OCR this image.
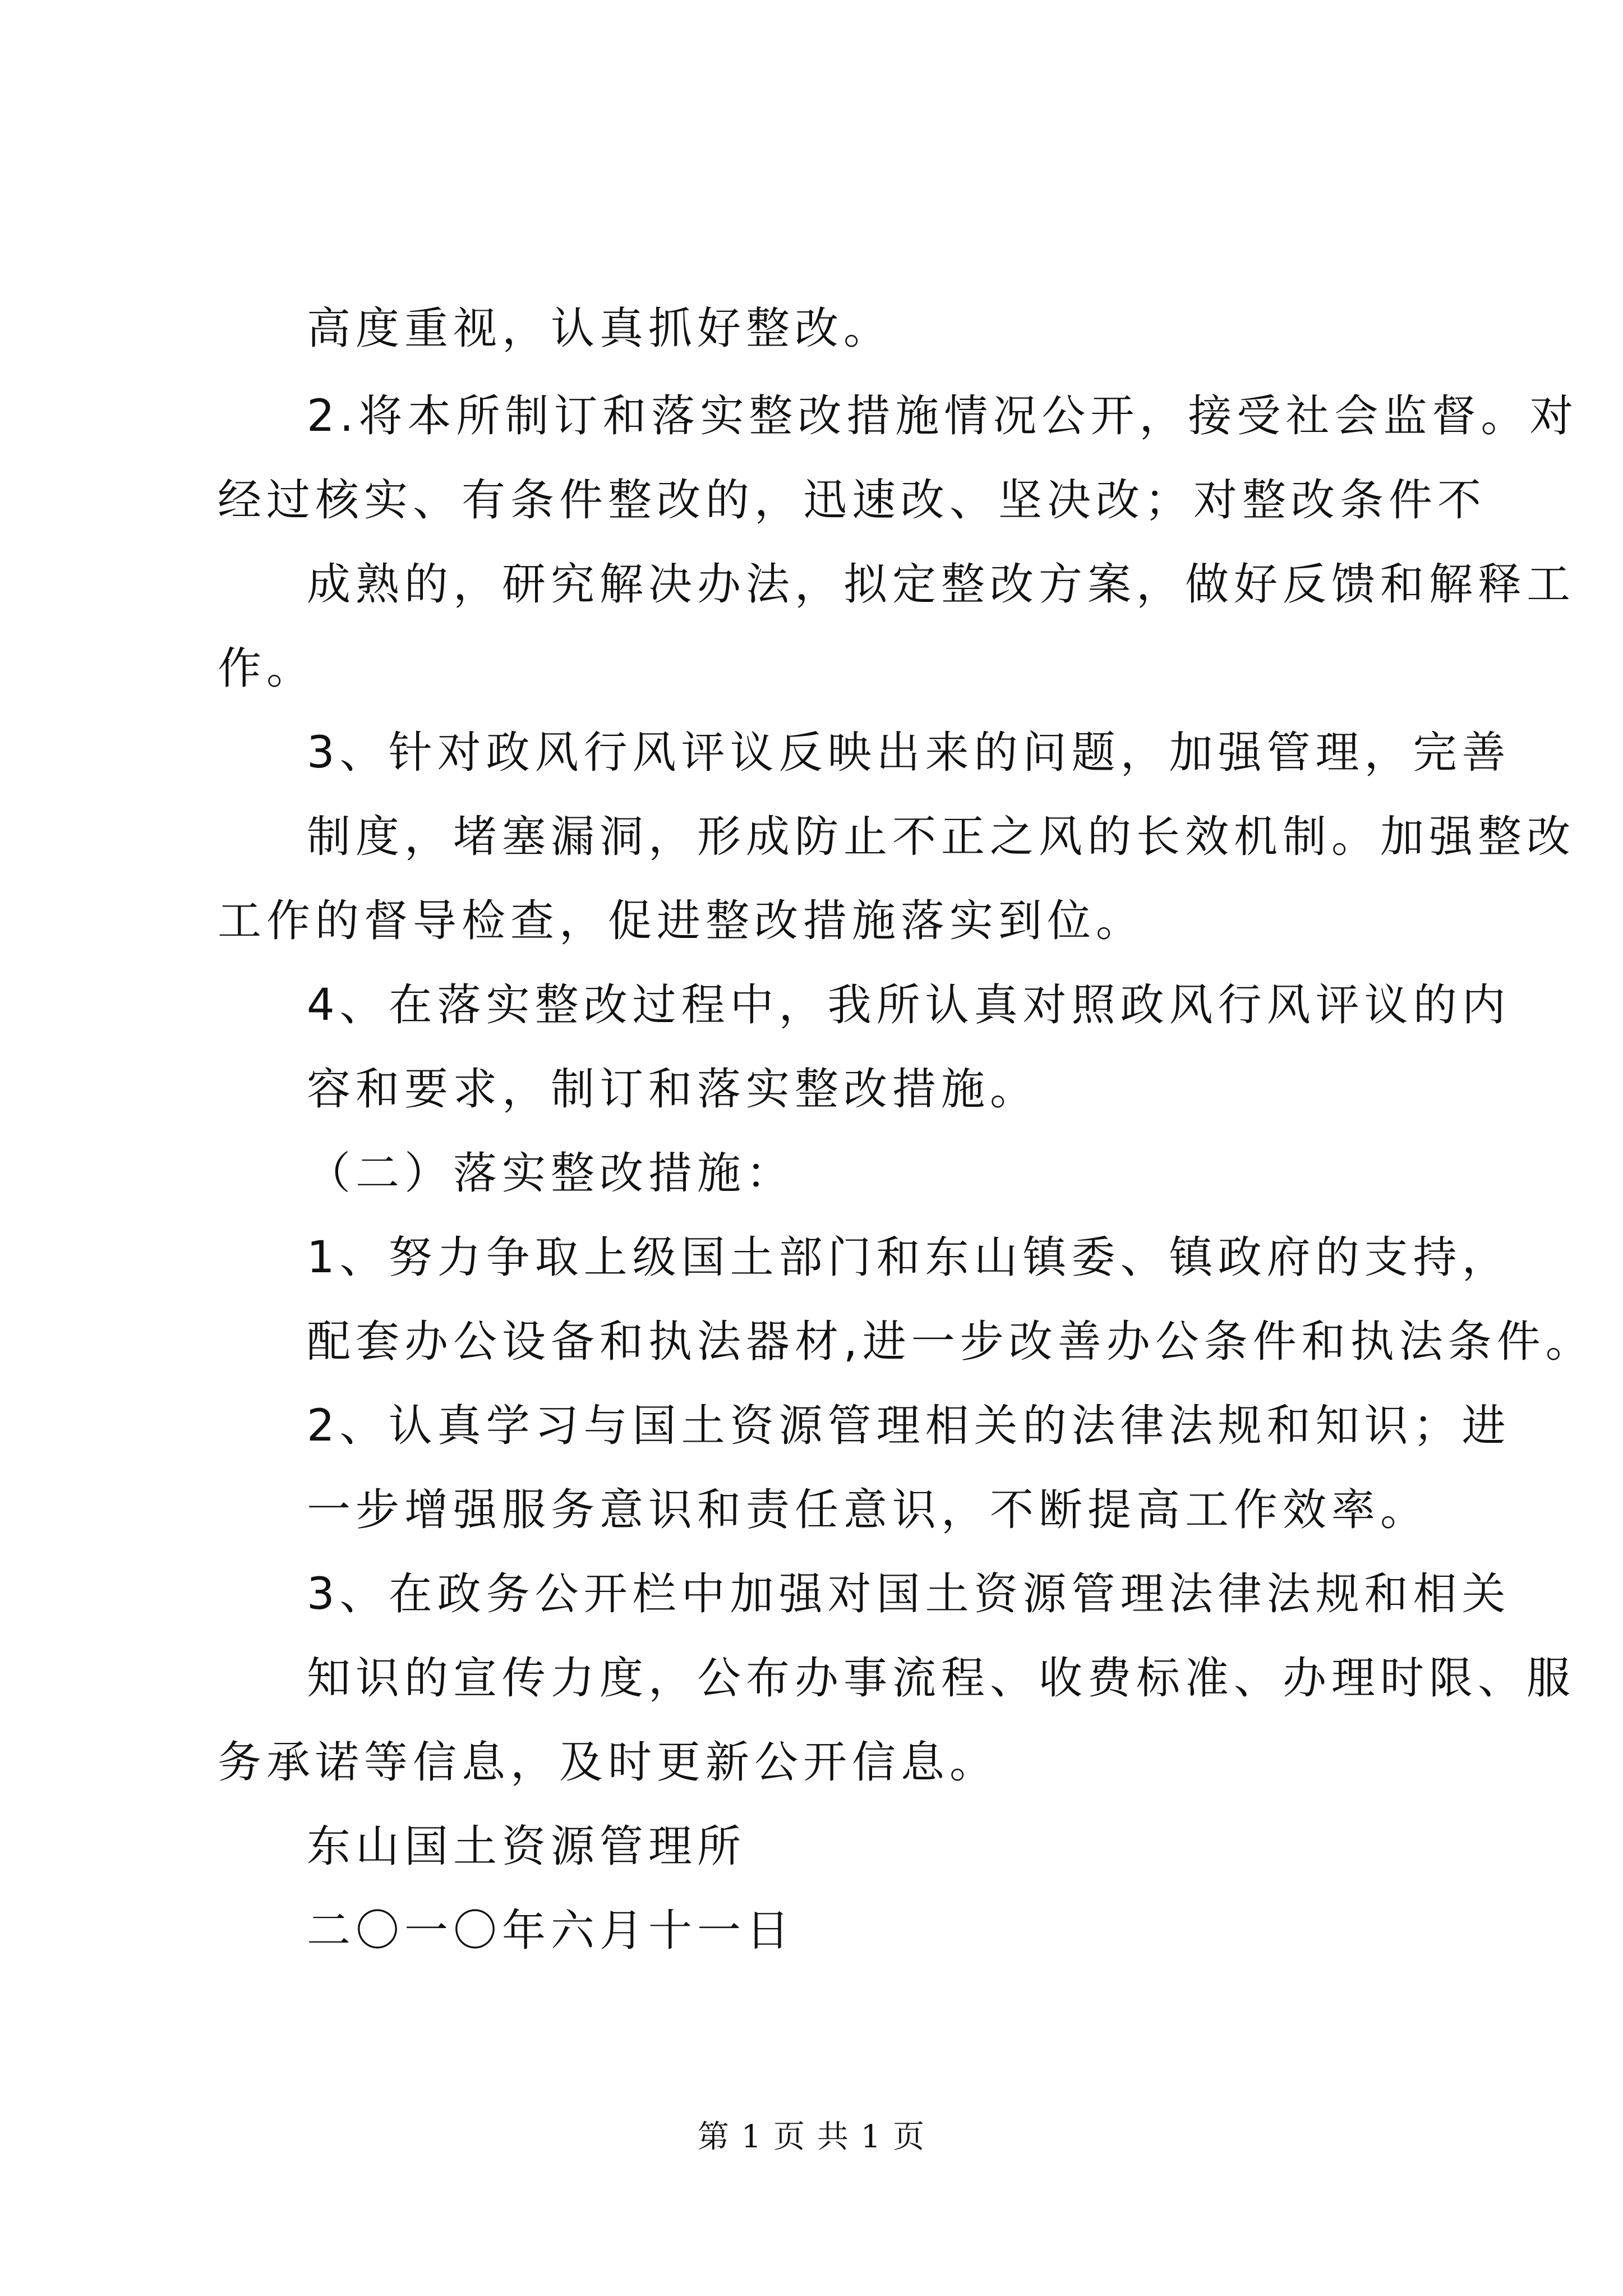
高度重视，认真抓好整改。
2.将本所制订和落实整改措施情况公开，接受社会监督。对
经过核实、有条件整改的，迅速改、坚决改；对整改条件不
成熟的，研究解决办法，拟定整改方案，做好反馈和解释工
作。
3、针对政风行风评议反映出来的问题，加强管理，完善
制度，堵塞漏洞，形成防止不正之风的长效机制。加强整改
工作的督导检查，促进整改措施落实到位。
4、在落实整改过程中，我所认真对照政风行风评议的内
容和要求，制订和落实整改措施。
（二）落实整改措施：
1、努力争取上级国土部门和东山镇委、镇政府的支持，
配套办公设备和执法器材,进一步改善办公条件和执法条件。
2、认真学习与国土资源管理相关的法律法规和知识；进
一步增强服务意识和责任意识，不断提高工作效率。
3、在政务公开栏中加强对国土资源管理法律法规和相关
知识的宣传力度，公布办事流程、收费标准、办理时限、服
务承诺等信息，及时更新公开信息。
东山国土资源管理所
二〇一〇年六月十一日
第 1 页 共 1 页
